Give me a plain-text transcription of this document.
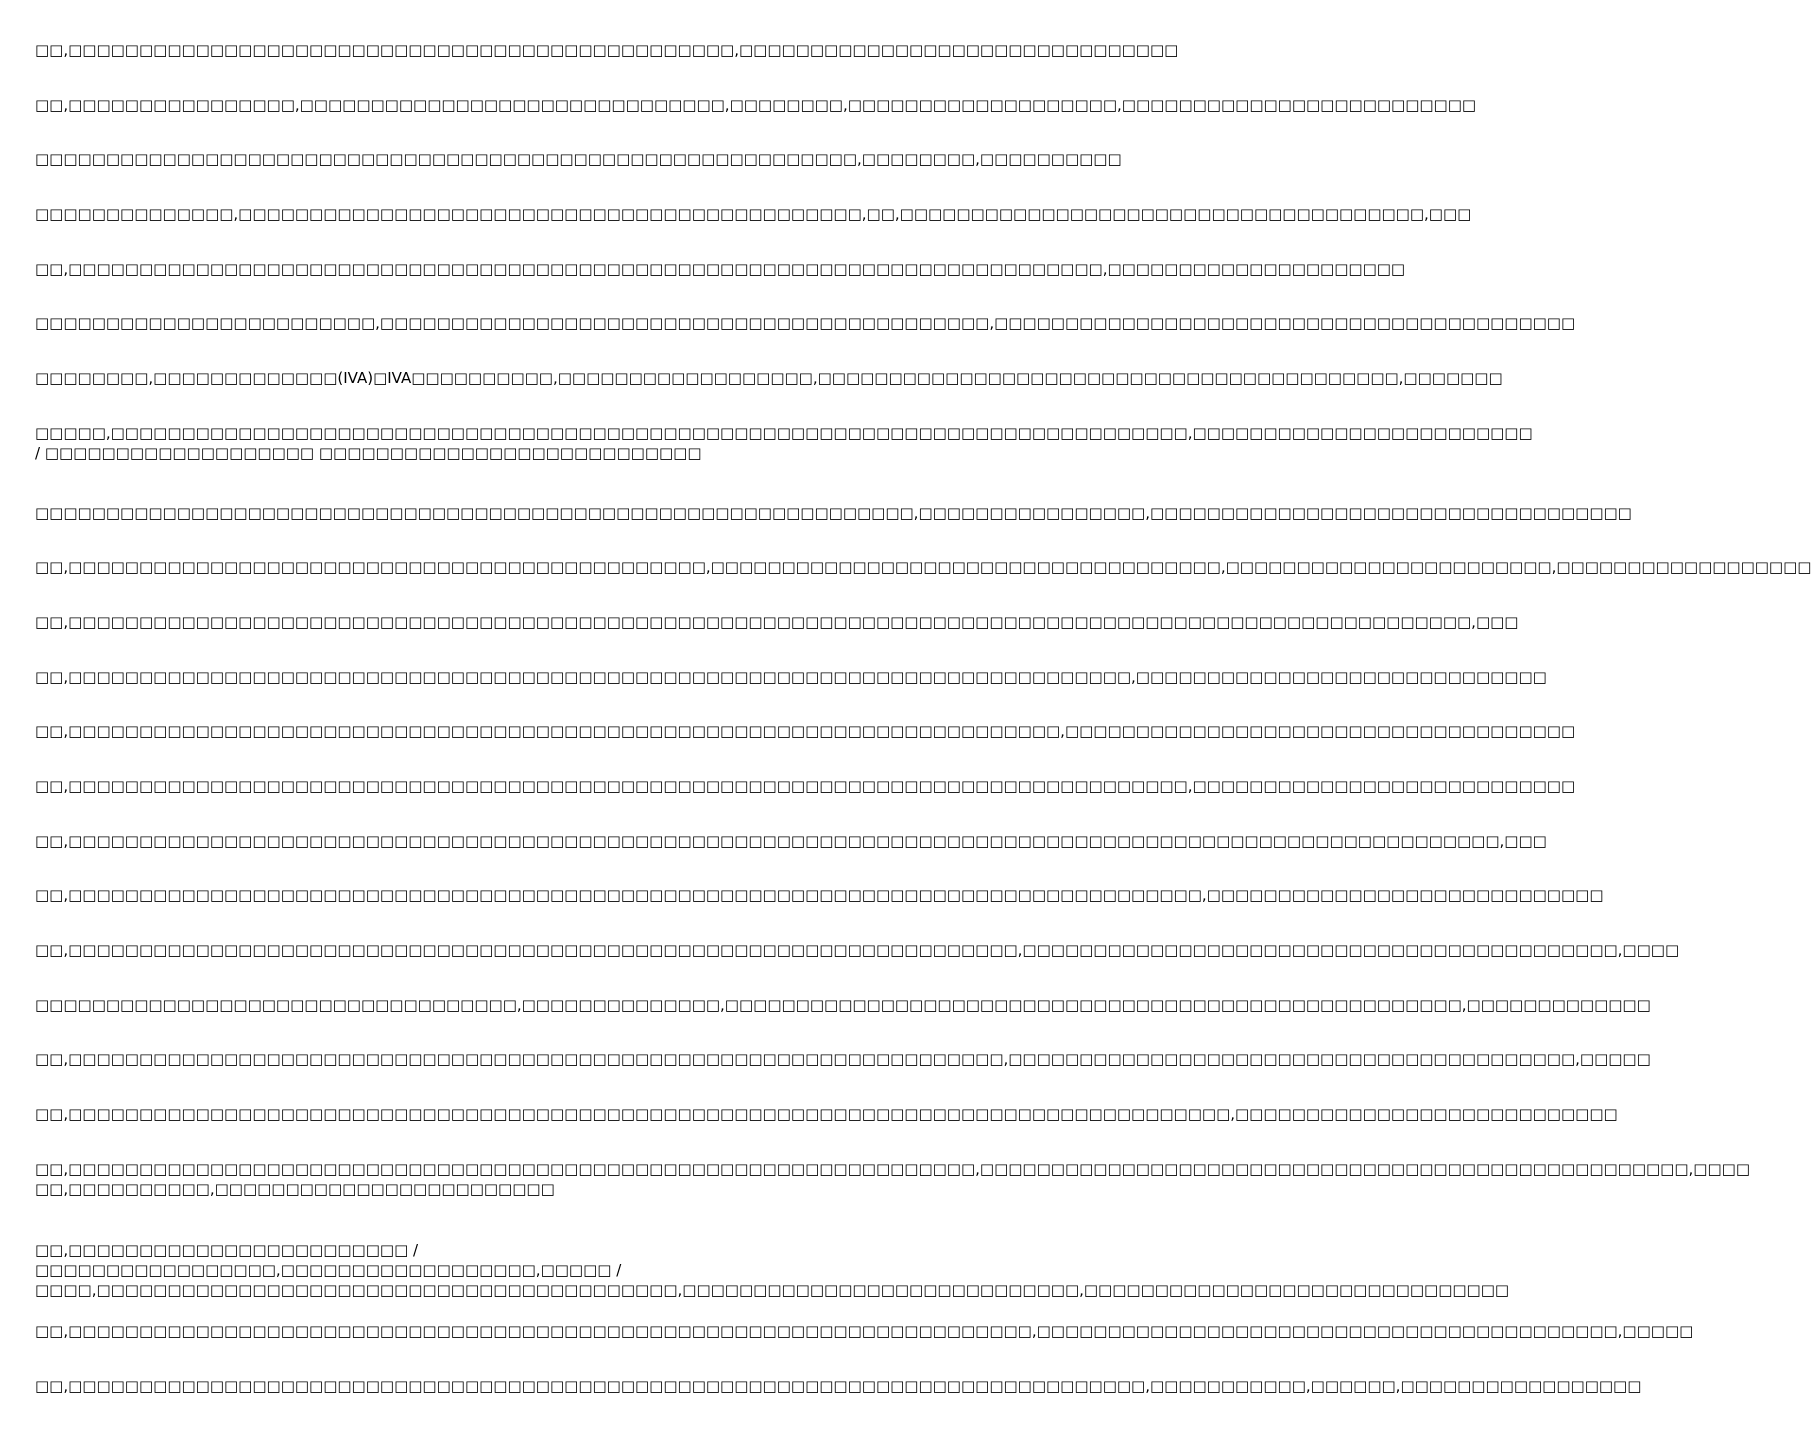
□□,□□□□□□□□□□□□□□□□□□□□□□□□□□□□□□□□□□□□□□□□□□□□□□□,□□□□□□□□□□□□□□□□□□□□□□□□□□□□□□□

□□,□□□□□□□□□□□□□□□□,□□□□□□□□□□□□□□□□□□□□□□□□□□□□□□,□□□□□□□□,□□□□□□□□□□□□□□□□□□□,□□□□□□□□□□□□□□□□□□□□□□□□□

□□□□□□□□□□□□□□□□□□□□□□□□□□□□□□□□□□□□□□□□□□□□□□□□□□□□□□□□□□,□□□□□□□□,□□□□□□□□□□

□□□□□□□□□□□□□□,□□□□□□□□□□□□□□□□□□□□□□□□□□□□□□□□□□□□□□□□□□□□,□□,□□□□□□□□□□□□□□□□□□□□□□□□□□□□□□□□□□□□□,□□□

□□,□□□□□□□□□□□□□□□□□□□□□□□□□□□□□□□□□□□□□□□□□□□□□□□□□□□□□□□□□□□□□□□□□□□□□□□□□,□□□□□□□□□□□□□□□□□□□□□

□□□□□□□□□□□□□□□□□□□□□□□□,□□□□□□□□□□□□□□□□□□□□□□□□□□□□□□□□□□□□□□□□□□□,□□□□□□□□□□□□□□□□□□□□□□□□□□□□□□□□□□□□□□□□□

□□□□□□□□,□□□□□□□□□□□□□(IVA)□IVA□□□□□□□□□□,□□□□□□□□□□□□□□□□□□,□□□□□□□□□□□□□□□□□□□□□□□□□□□□□□□□□□□□□□□□□,□□□□□□□

□□□□□,□□□□□□□□□□□□□□□□□□□□□□□□□□□□□□□□□□□□□□□□□□□□□□□□□□□□□□□□□□□□□□□□□□□□□□□□□□□□,□□□□□□□□□□□□□□□□□□□□□□□□ / □□□□□□□□□□□□□□□□□□□ □□□□□□□□□□□□□□□□□□□□□□□□□□□

□□□□□□□□□□□□□□□□□□□□□□□□□□□□□□□□□□□□□□□□□□□□□□□□□□□□□□□□□□□□□□,□□□□□□□□□□□□□□□□,□□□□□□□□□□□□□□□□□□□□□□□□□□□□□□□□□□

□□,□□□□□□□□□□□□□□□□□□□□□□□□□□□□□□□□□□□□□□□□□□□□□,□□□□□□□□□□□□□□□□□□□□□□□□□□□□□□□□□□□□,□□□□□□□□□□□□□□□□□□□□□□□,□□□□□□□□□□□□□□□□□□

□□,□□□□□□□□□□□□□□□□□□□□□□□□□□□□□□□□□□□□□□□□□□□□□□□□□□□□□□□□□□□□□□□□□□□□□□□□□□□□□□□□□□□□□□□□□□□□□□□□□□□,□□□

□□,□□□□□□□□□□□□□□□□□□□□□□□□□□□□□□□□□□□□□□□□□□□□□□□□□□□□□□□□□□□□□□□□□□□□□□□□□□□,□□□□□□□□□□□□□□□□□□□□□□□□□□□□□

□□,□□□□□□□□□□□□□□□□□□□□□□□□□□□□□□□□□□□□□□□□□□□□□□□□□□□□□□□□□□□□□□□□□□□□□□,□□□□□□□□□□□□□□□□□□□□□□□□□□□□□□□□□□□□

□□,□□□□□□□□□□□□□□□□□□□□□□□□□□□□□□□□□□□□□□□□□□□□□□□□□□□□□□□□□□□□□□□□□□□□□□□□□□□□□□□,□□□□□□□□□□□□□□□□□□□□□□□□□□□

□□,□□□□□□□□□□□□□□□□□□□□□□□□□□□□□□□□□□□□□□□□□□□□□□□□□□□□□□□□□□□□□□□□□□□□□□□□□□□□□□□□□□□□□□□□□□□□□□□□□□□□□,□□□

□□,□□□□□□□□□□□□□□□□□□□□□□□□□□□□□□□□□□□□□□□□□□□□□□□□□□□□□□□□□□□□□□□□□□□□□□□□□□□□□□□□,□□□□□□□□□□□□□□□□□□□□□□□□□□□□

□□,□□□□□□□□□□□□□□□□□□□□□□□□□□□□□□□□□□□□□□□□□□□□□□□□□□□□□□□□□□□□□□□□□□□,□□□□□□□□□□□□□□□□□□□□□□□□□□□□□□□□□□□□□□□□□□,□□□□

□□□□□□□□□□□□□□□□□□□□□□□□□□□□□□□□□□,□□□□□□□□□□□□□□,□□□□□□□□□□□□□□□□□□□□□□□□□□□□□□□□□□□□□□□□□□□□□□□□□□□□,□□□□□□□□□□□□□

□□,□□□□□□□□□□□□□□□□□□□□□□□□□□□□□□□□□□□□□□□□□□□□□□□□□□□□□□□□□□□□□□□□□□,□□□□□□□□□□□□□□□□□□□□□□□□□□□□□□□□□□□□□□□□,□□□□□

□□,□□□□□□□□□□□□□□□□□□□□□□□□□□□□□□□□□□□□□□□□□□□□□□□□□□□□□□□□□□□□□□□□□□□□□□□□□□□□□□□□□□,□□□□□□□□□□□□□□□□□□□□□□□□□□□

□□,□□□□□□□□□□□□□□□□□□□□□□□□□□□□□□□□□□□□□□□□□□□□□□□□□□□□□□□□□□□□□□□□,□□□□□□□□□□□□□□□□□□□□□□□□□□□□□□□□□□□□□□□□□□□□□□□□□□,□□□□ □□,□□□□□□□□□□,□□□□□□□□□□□□□□□□□□□□□□□□

□□,□□□□□□□□□□□□□□□□□□□□□□□□ / □□□□□□□□□□□□□□□□□,□□□□□□□□□□□□□□□□□□,□□□□□ / □□□□,□□□□□□□□□□□□□□□□□□□□□□□□□□□□□□□□□□□□□□□□□,□□□□□□□□□□□□□□□□□□□□□□□□□□□□,□□□□□□□□□□□□□□□□□□□□□□□□□□□□□□

□□,□□□□□□□□□□□□□□□□□□□□□□□□□□□□□□□□□□□□□□□□□□□□□□□□□□□□□□□□□□□□□□□□□□□□,□□□□□□□□□□□□□□□□□□□□□□□□□□□□□□□□□□□□□□□□□,□□□□□

□□,□□□□□□□□□□□□□□□□□□□□□□□□□□□□□□□□□□□□□□□□□□□□□□□□□□□□□□□□□□□□□□□□□□□□□□□□□□□□,□□□□□□□□□□□,□□□□□□,□□□□□□□□□□□□□□□□□
